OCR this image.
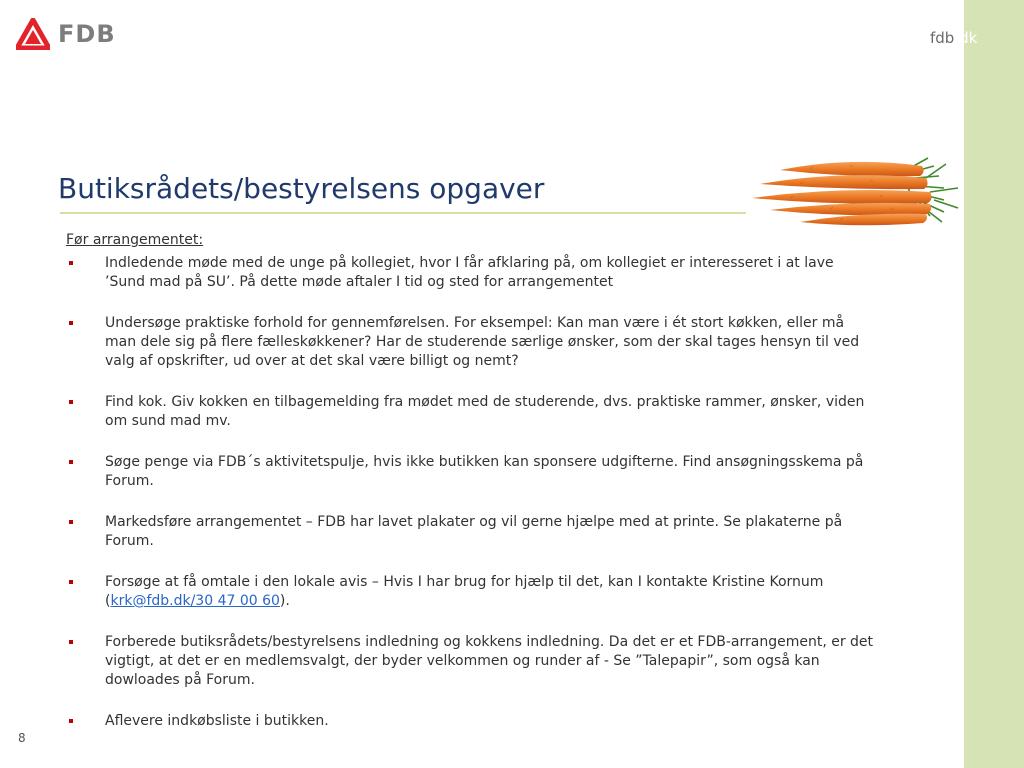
FDB	fdb.dk
Butiksrådets/bestyrelsens opgaver
Før arrangementet:
Indledende møde med de unge på kollegiet, hvor I får afklaring på, om kollegiet er interesseret i at lave ’Sund mad på SU’. På dette møde aftaler I tid og sted for arrangementet
Undersøge praktiske forhold for gennemførelsen. For eksempel: Kan man være i ét stort køkken, eller må man dele sig på flere fælleskøkkener? Har de studerende særlige ønsker, som der skal tages hensyn til ved valg af opskrifter, ud over at det skal være billigt og nemt?
Find kok. Giv kokken en tilbagemelding fra mødet med de studerende, dvs. praktiske rammer, ønsker, viden om sund mad mv.
Søge penge via FDB´s aktivitetspulje, hvis ikke butikken kan sponsere udgifterne. Find ansøgningsskema på Forum.
Markedsføre arrangementet – FDB har lavet plakater og vil gerne hjælpe med at printe. Se plakaterne på Forum.
Forsøge at få omtale i den lokale avis – Hvis I har brug for hjælp til det, kan I kontakte Kristine Kornum (krk@fdb.dk/30 47 00 60).
Forberede butiksrådets/bestyrelsens indledning og kokkens indledning. Da det er et FDB-arrangement, er det vigtigt, at det er en medlemsvalgt, der byder velkommen og runder af - Se ”Talepapir”, som også kan dowloades på Forum.
Aflevere indkøbsliste i butikken.
8
